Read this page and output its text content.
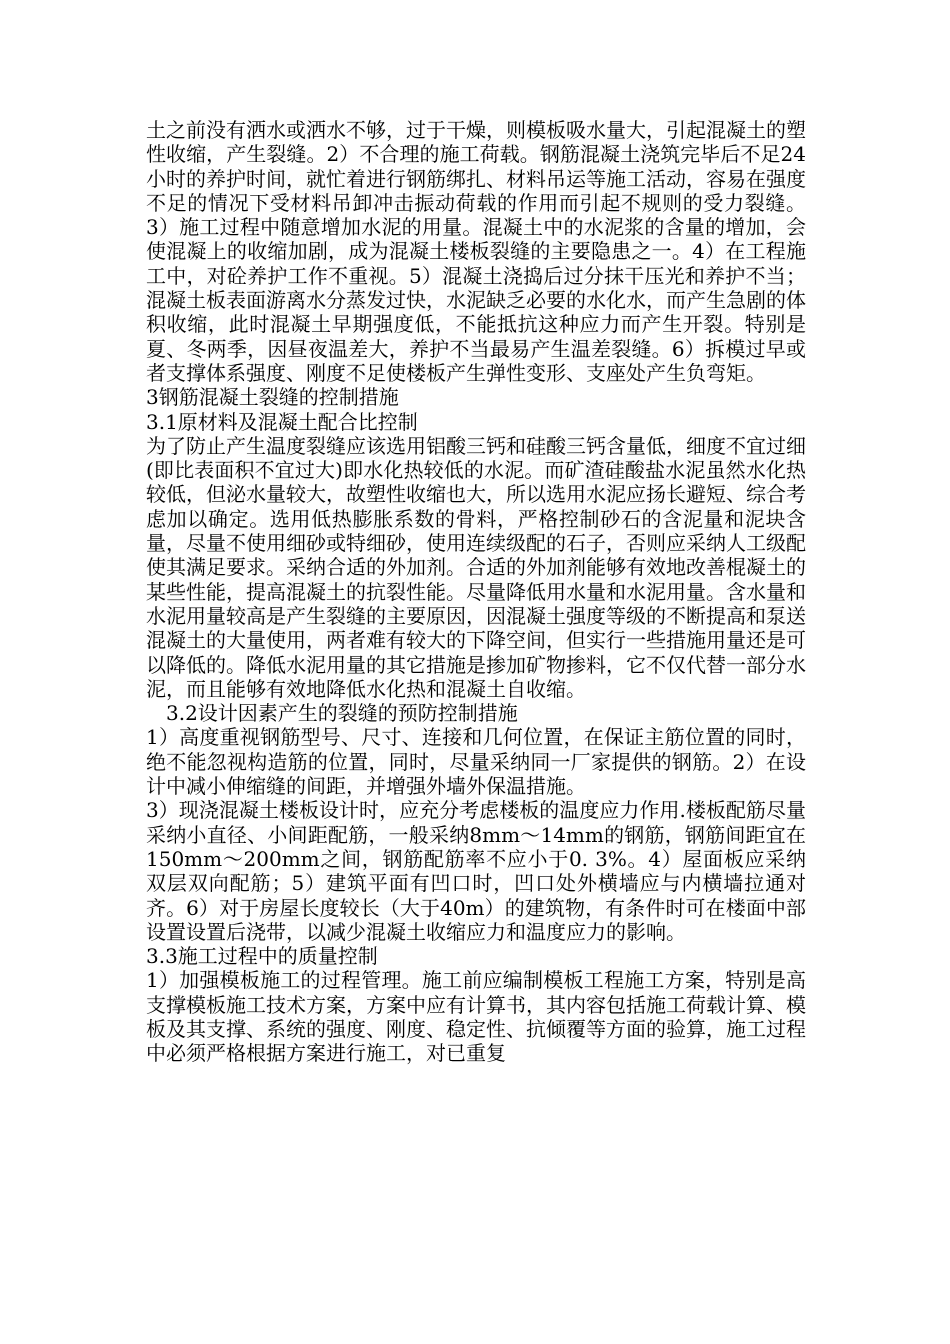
土之前没有洒水或洒水不够，过于干燥，则模板吸水量大，引起混凝土的塑性收缩，产生裂缝。2）不合理的施工荷载。钢筋混凝土浇筑完毕后不足24小时的养护时间，就忙着进行钢筋绑扎、材料吊运等施工活动，容易在强度不足的情况下受材料吊卸冲击振动荷载的作用而引起不规则的受力裂缝。3）施工过程中随意增加水泥的用量。混凝土中的水泥浆的含量的增加，会使混凝上的收缩加剧，成为混凝土楼板裂缝的主要隐患之一。4）在工程施工中，对砼养护工作不重视。5）混凝土浇捣后过分抹干压光和养护不当；混凝土板表面游离水分蒸发过快，水泥缺乏必要的水化水，而产生急剧的体积收缩，此时混凝土早期强度低，不能抵抗这种应力而产生开裂。特别是夏、冬两季，因昼夜温差大，养护不当最易产生温差裂缝。6）拆模过早或者支撑体系强度、刚度不足使楼板产生弹性变形、支座处产生负弯矩。

3钢筋混凝土裂缝的控制措施

3.1原材料及混凝土配合比控制

为了防止产生温度裂缝应该选用铝酸三钙和硅酸三钙含量低，细度不宜过细(即比表面积不宜过大)即水化热较低的水泥。而矿渣硅酸盐水泥虽然水化热较低，但泌水量较大，故塑性收缩也大，所以选用水泥应扬长避短、综合考虑加以确定。选用低热膨胀系数的骨料，严格控制砂石的含泥量和泥块含量，尽量不使用细砂或特细砂，使用连续级配的石子，否则应采纳人工级配使其满足要求。采纳合适的外加剂。合适的外加剂能够有效地改善棍凝土的某些性能，提高混凝土的抗裂性能。尽量降低用水量和水泥用量。含水量和水泥用量较高是产生裂缝的主要原因，因混凝土强度等级的不断提高和泵送混凝土的大量使用，两者难有较大的下降空间，但实行一些措施用量还是可以降低的。降低水泥用量的其它措施是掺加矿物掺料，它不仅代替一部分水泥，而且能够有效地降低水化热和混凝土自收缩。

3.2设计因素产生的裂缝的预防控制措施

1）高度重视钢筋型号、尺寸、连接和几何位置，在保证主筋位置的同时，绝不能忽视构造筋的位置，同时，尽量采纳同一厂家提供的钢筋。2）在设计中减小伸缩缝的间距，并增强外墙外保温措施。

3）现浇混凝土楼板设计时，应充分考虑楼板的温度应力作用.楼板配筋尽量采纳小直径、小间距配筋，一般采纳8mm～14mm的钢筋，钢筋间距宜在150mm～200mm之间，钢筋配筋率不应小于0. 3%。4）屋面板应采纳双层双向配筋；5）建筑平面有凹口时，凹口处外横墙应与内横墙拉通对齐。6）对于房屋长度较长（大于40m）的建筑物，有条件时可在楼面中部设置设置后浇带，以减少混凝土收缩应力和温度应力的影响。

3.3施工过程中的质量控制

1）加强模板施工的过程管理。施工前应编制模板工程施工方案，特别是高支撑模板施工技术方案，方案中应有计算书，其内容包括施工荷载计算、模板及其支撑、系统的强度、刚度、稳定性、抗倾覆等方面的验算，施工过程中必须严格根据方案进行施工，对已重复
